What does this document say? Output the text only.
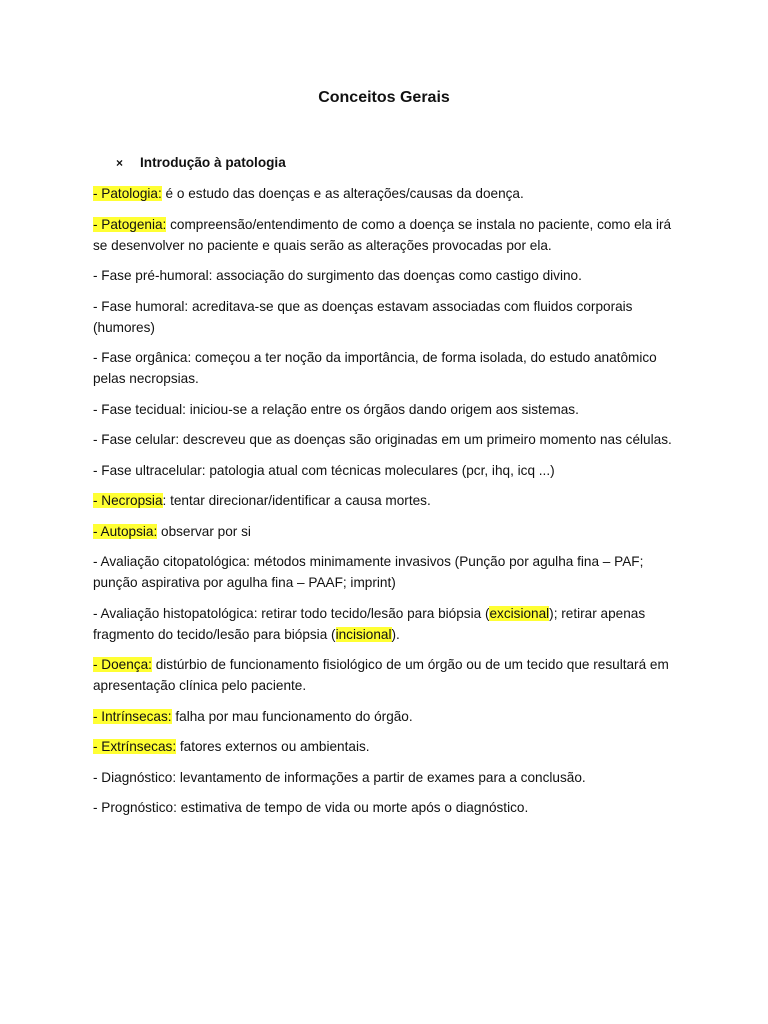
Conceitos Gerais
× Introdução à patologia

- Patologia: é o estudo das doenças e as alterações/causas da doença.

- Patogenia: compreensão/entendimento de como a doença se instala no paciente, como ela irá se desenvolver no paciente e quais serão as alterações provocadas por ela.

- Fase pré-humoral: associação do surgimento das doenças como castigo divino.

- Fase humoral: acreditava-se que as doenças estavam associadas com fluidos corporais (humores)

- Fase orgânica: começou a ter noção da importância, de forma isolada, do estudo anatômico pelas necropsias.

- Fase tecidual: iniciou-se a relação entre os órgãos dando origem aos sistemas.

- Fase celular: descreveu que as doenças são originadas em um primeiro momento nas células.

- Fase ultracelular: patologia atual com técnicas moleculares (pcr, ihq, icq ...)

- Necropsia: tentar direcionar/identificar a causa mortes.

- Autopsia: observar por si

- Avaliação citopatológica: métodos minimamente invasivos (Punção por agulha fina – PAF; punção aspirativa por agulha fina – PAAF; imprint)

- Avaliação histopatológica: retirar todo tecido/lesão para biópsia (excisional); retirar apenas fragmento do tecido/lesão para biópsia (incisional).

- Doença: distúrbio de funcionamento fisiológico de um órgão ou de um tecido que resultará em apresentação clínica pelo paciente.

- Intrínsecas: falha por mau funcionamento do órgão.

- Extrínsecas: fatores externos ou ambientais.

- Diagnóstico: levantamento de informações a partir de exames para a conclusão.

- Prognóstico: estimativa de tempo de vida ou morte após o diagnóstico.
